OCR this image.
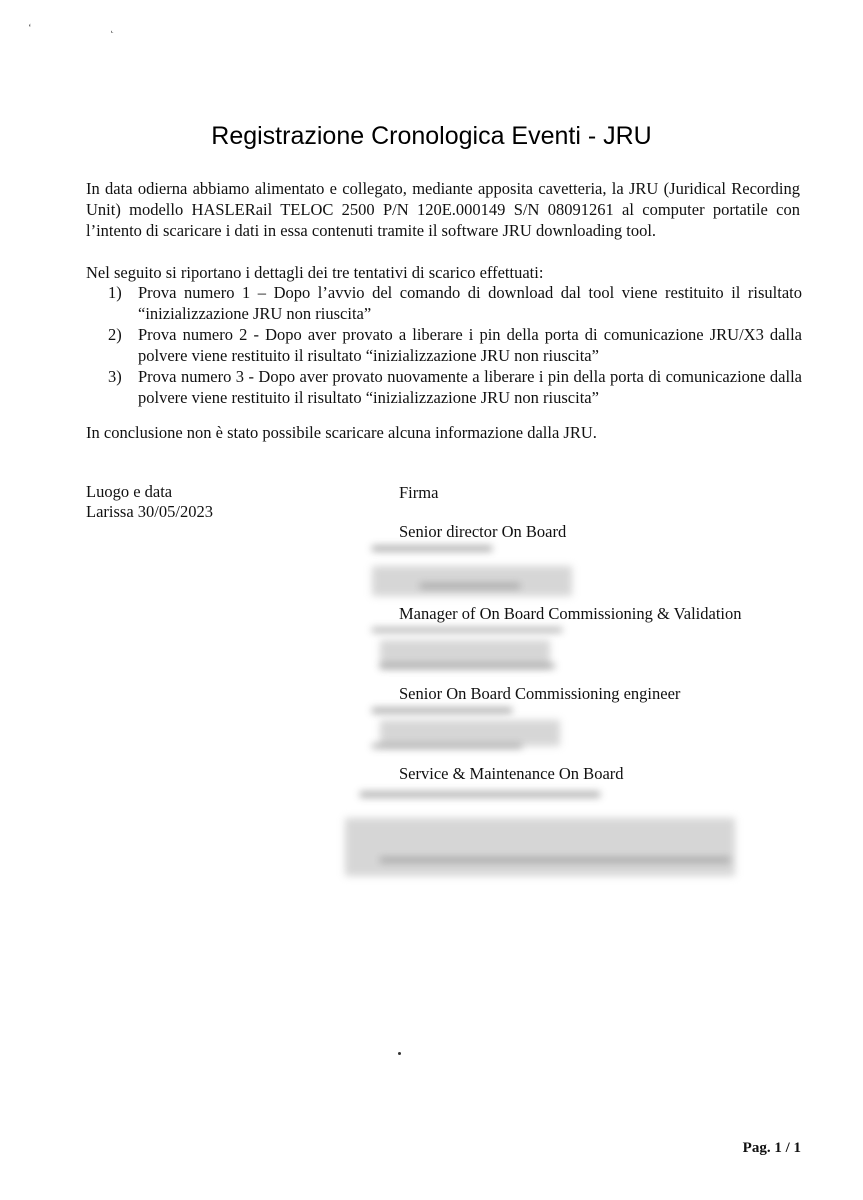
ʻ ˛
Registrazione Cronologica Eventi - JRU

In data odierna abbiamo alimentato e collegato, mediante apposita cavetteria, la JRU (Juridical Recording Unit) modello HASLERail TELOC 2500 P/N 120E.000149 S/N 08091261 al computer portatile con l’intento di scaricare i dati in essa contenuti tramite il software JRU downloading tool.

Nel seguito si riportano i dettagli dei tre tentativi di scarico effettuati:

1) Prova numero 1 – Dopo l’avvio del comando di download dal tool viene restituito il risultato “inizializzazione JRU non riuscita”
2) Prova numero 2 - Dopo aver provato a liberare i pin della porta di comunicazione JRU/X3 dalla polvere viene restituito il risultato “inizializzazione JRU non riuscita”
3) Prova numero 3 - Dopo aver provato nuovamente a liberare i pin della porta di comunicazione dalla polvere viene restituito il risultato “inizializzazione JRU non riuscita”

In conclusione non è stato possibile scaricare alcuna informazione dalla JRU.

Luogo e data
Larissa 30/05/2023
Firma
Senior director On Board
Manager of On Board Commissioning & Validation
Senior On Board Commissioning engineer
Service & Maintenance On Board
Pag. 1 / 1
